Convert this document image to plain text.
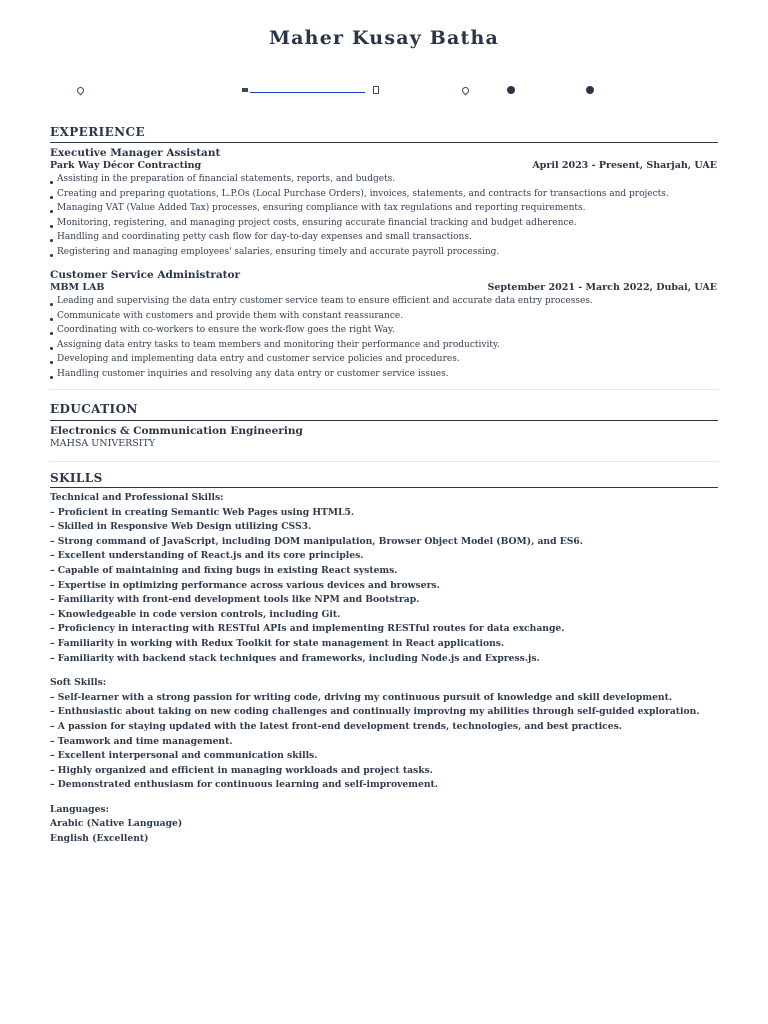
Maher Kusay Batha
EXPERIENCE
Executive Manager Assistant
Park Way Décor Contracting	April 2023 - Present, Sharjah, UAE
Assisting in the preparation of financial statements, reports, and budgets.
Creating and preparing quotations, L.P.Os (Local Purchase Orders), invoices, statements, and contracts for transactions and projects.
Managing VAT (Value Added Tax) processes, ensuring compliance with tax regulations and reporting requirements.
Monitoring, registering, and managing project costs, ensuring accurate financial tracking and budget adherence.
Handling and coordinating petty cash flow for day-to-day expenses and small transactions.
Registering and managing employees' salaries, ensuring timely and accurate payroll processing.
Customer Service Administrator
MBM LAB	September 2021 - March 2022, Dubai, UAE
Leading and supervising the data entry customer service team to ensure efficient and accurate data entry processes.
Communicate with customers and provide them with constant reassurance.
Coordinating with co-workers to ensure the work-flow goes the right Way.
Assigning data entry tasks to team members and monitoring their performance and productivity.
Developing and implementing data entry and customer service policies and procedures.
Handling customer inquiries and resolving any data entry or customer service issues.
EDUCATION
Electronics & Communication Engineering
MAHSA UNIVERSITY
SKILLS
Technical and Professional Skills:
– Proficient in creating Semantic Web Pages using HTML5.
– Skilled in Responsive Web Design utilizing CSS3.
– Strong command of JavaScript, including DOM manipulation, Browser Object Model (BOM), and ES6.
– Excellent understanding of React.js and its core principles.
– Capable of maintaining and fixing bugs in existing React systems.
– Expertise in optimizing performance across various devices and browsers.
– Familiarity with front-end development tools like NPM and Bootstrap.
– Knowledgeable in code version controls, including Git.
– Proficiency in interacting with RESTful APIs and implementing RESTful routes for data exchange.
– Familiarity in working with Redux Toolkit for state management in React applications.
– Familiarity with backend stack techniques and frameworks, including Node.js and Express.js.
Soft Skills:
– Self-learner with a strong passion for writing code, driving my continuous pursuit of knowledge and skill development.
– Enthusiastic about taking on new coding challenges and continually improving my abilities through self-guided exploration.
– A passion for staying updated with the latest front-end development trends, technologies, and best practices.
– Teamwork and time management.
– Excellent interpersonal and communication skills.
– Highly organized and efficient in managing workloads and project tasks.
– Demonstrated enthusiasm for continuous learning and self-improvement.
Languages:
Arabic (Native Language)
English (Excellent)
